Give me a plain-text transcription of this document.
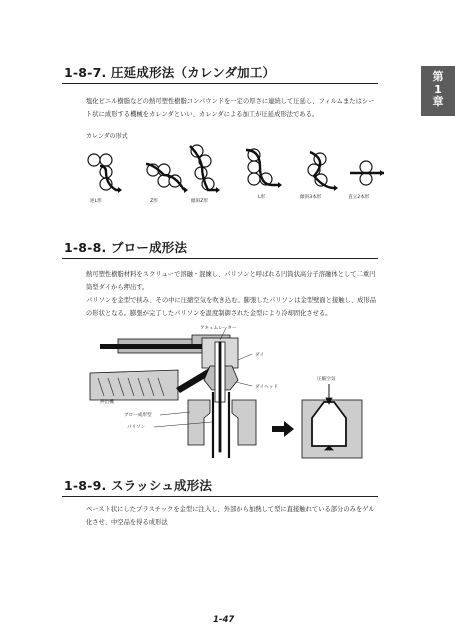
第
1
章
1-8-7. 圧延成形法（カレンダ加工）
塩化ビニル樹脂などの熱可塑性樹脂コンパウンドを一定の厚さに連続して圧延し、フィルムまたはシー
ト状に成形する機械をカレンダといい、カレンダによる加工が圧延成形法である。
カレンダの形式
逆L形	Z形	傾斜Z形
L形	傾斜3本形	直立2本形
1-8-8. ブロー成形法
熱可塑性樹脂材料をスクリューで溶融・混練し、パリソンと呼ばれる円筒状高分子溶融体として二重円
筒型ダイから押出す。
パリソンを金型で挟み、その中に圧縮空気を吹き込む。膨張したパリソンは金型壁面と接触し、成形品
の形状となる。膨張が完了したパリソンを温度制御された金型により冷却固化させる。
アキュムレーター
ダイ
ダイヘッド
押出機
ブロー成形型
パリソン
圧縮空気
1-8-9. スラッシュ成形法
ペースト状にしたプラスチックを金型に注入し、外部から加熱して型に直接触れている部分のみをゲル
化させ、中空品を得る成形法
1-47
